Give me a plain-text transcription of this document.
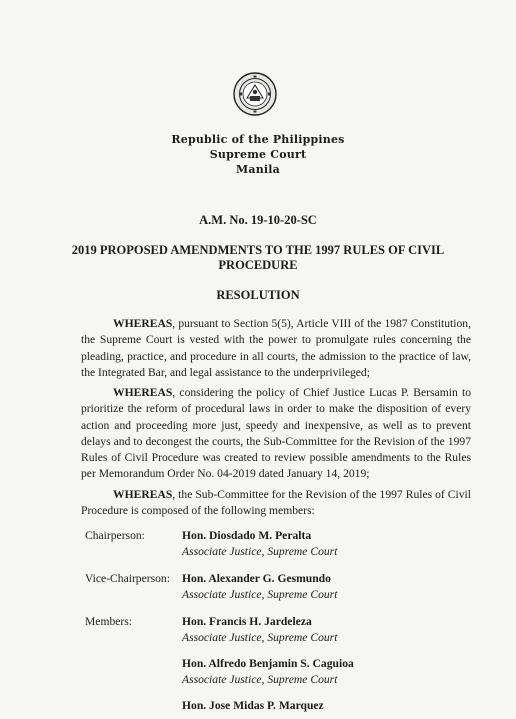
Republic of the Philippines
Supreme Court
Manila
A.M. No. 19-10-20-SC
2019 PROPOSED AMENDMENTS TO THE 1997 RULES OF CIVIL
PROCEDURE
RESOLUTION
WHEREAS, pursuant to Section 5(5), Article VIII of the 1987 Constitution, the Supreme Court is vested with the power to promulgate rules concerning the pleading, practice, and procedure in all courts, the admission to the practice of law, the Integrated Bar, and legal assistance to the underprivileged;
WHEREAS, considering the policy of Chief Justice Lucas P. Bersamin to prioritize the reform of procedural laws in order to make the disposition of every action and proceeding more just, speedy and inexpensive, as well as to prevent delays and to decongest the courts, the Sub-Committee for the Revision of the 1997 Rules of Civil Procedure was created to review possible amendments to the Rules per Memorandum Order No. 04-2019 dated January 14, 2019;
WHEREAS, the Sub-Committee for the Revision of the 1997 Rules of Civil Procedure is composed of the following members:
Chairperson:	Hon. Diosdado M. Peralta
Associate Justice, Supreme Court
Vice-Chairperson: Hon. Alexander G. Gesmundo
Associate Justice, Supreme Court
Members:	Hon. Francis H. Jardeleza
Associate Justice, Supreme Court
Hon. Alfredo Benjamin S. Caguioa
Associate Justice, Supreme Court
Hon. Jose Midas P. Marquez
